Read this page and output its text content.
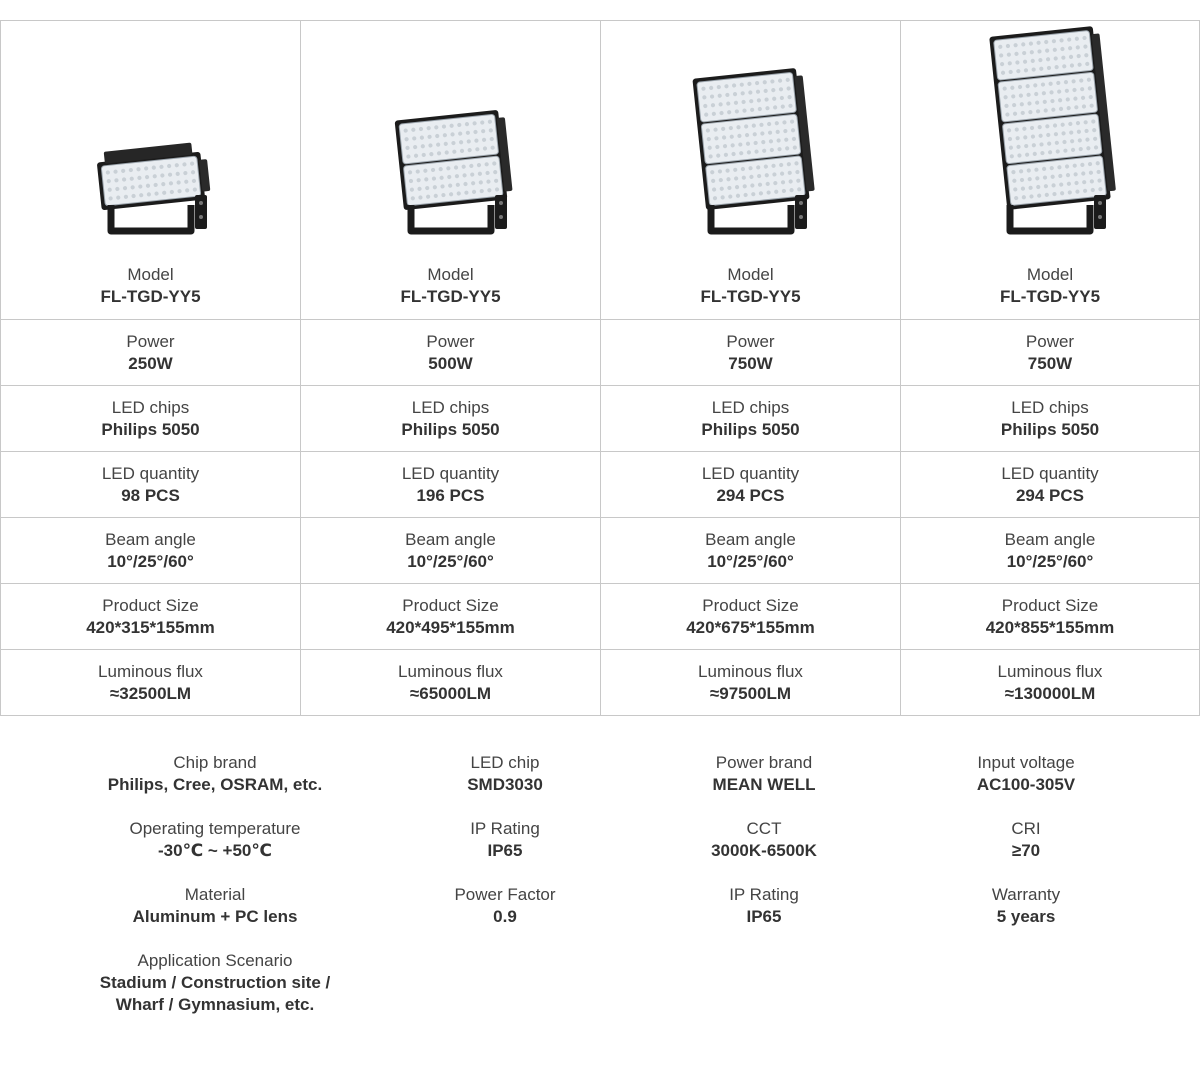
Model
FL-TGD-YY5
Model
FL-TGD-YY5
Model
FL-TGD-YY5
Model
FL-TGD-YY5
Power
250W
Power
500W
Power
750W
Power
750W
LED chips
Philips 5050
LED chips
Philips 5050
LED chips
Philips 5050
LED chips
Philips 5050
LED quantity
98 PCS
LED quantity
196 PCS
LED quantity
294 PCS
LED quantity
294 PCS
Beam angle
10°/25°/60°
Beam angle
10°/25°/60°
Beam angle
10°/25°/60°
Beam angle
10°/25°/60°
Product Size
420*315*155mm
Product Size
420*495*155mm
Product Size
420*675*155mm
Product Size
420*855*155mm
Luminous flux
≈32500LM
Luminous flux
≈65000LM
Luminous flux
≈97500LM
Luminous flux
≈130000LM
Chip brand
Philips, Cree, OSRAM, etc.
Operating temperature
-30℃ ~ +50℃
Material
Aluminum + PC lens
Application Scenario
Stadium / Construction site /
Wharf / Gymnasium, etc.
LED chip
SMD3030
IP Rating
IP65
Power Factor
0.9
Power brand
MEAN WELL
CCT
3000K-6500K
IP Rating
IP65
Input voltage
AC100-305V
CRI
≥70
Warranty
5 years
